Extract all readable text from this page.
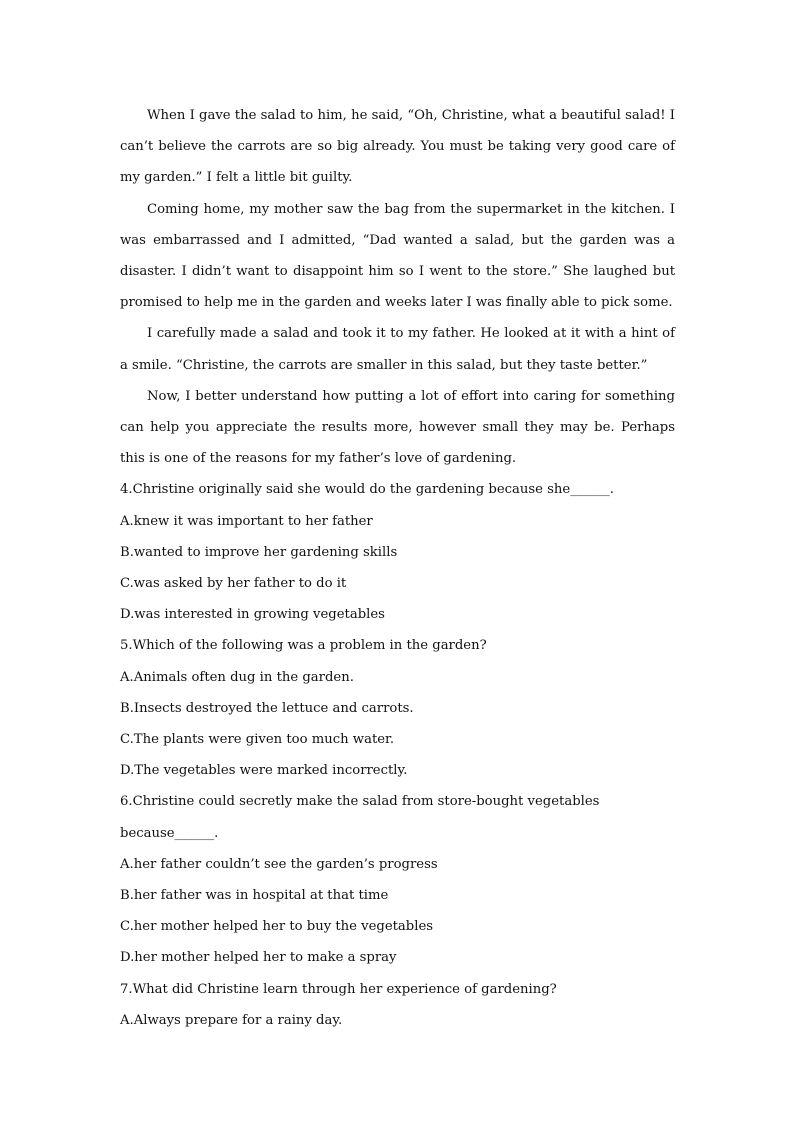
When I gave the salad to him, he said, “Oh, Christine, what a beautiful salad! I can’t believe the carrots are so big already. You must be taking very good care of my garden.” I felt a little bit guilty.

Coming home, my mother saw the bag from the supermarket in the kitchen. I was embarrassed and I admitted, “Dad wanted a salad, but the garden was a disaster. I didn’t want to disappoint him so I went to the store.” She laughed but promised to help me in the garden and weeks later I was finally able to pick some.

I carefully made a salad and took it to my father. He looked at it with a hint of a smile. “Christine, the carrots are smaller in this salad, but they taste better.”

Now, I better understand how putting a lot of effort into caring for something can help you appreciate the results more, however small they may be. Perhaps this is one of the reasons for my father’s love of gardening.

4.Christine originally said she would do the gardening because she______.
A.knew it was important to her father
B.wanted to improve her gardening skills
C.was asked by her father to do it
D.was interested in growing vegetables
5.Which of the following was a problem in the garden?
A.Animals often dug in the garden.
B.Insects destroyed the lettuce and carrots.
C.The plants were given too much water.
D.The vegetables were marked incorrectly.
6.Christine could secretly make the salad from store-bought vegetables
because______.
A.her father couldn’t see the garden’s progress
B.her father was in hospital at that time
C.her mother helped her to buy the vegetables
D.her mother helped her to make a spray
7.What did Christine learn through her experience of gardening?
A.Always prepare for a rainy day.
